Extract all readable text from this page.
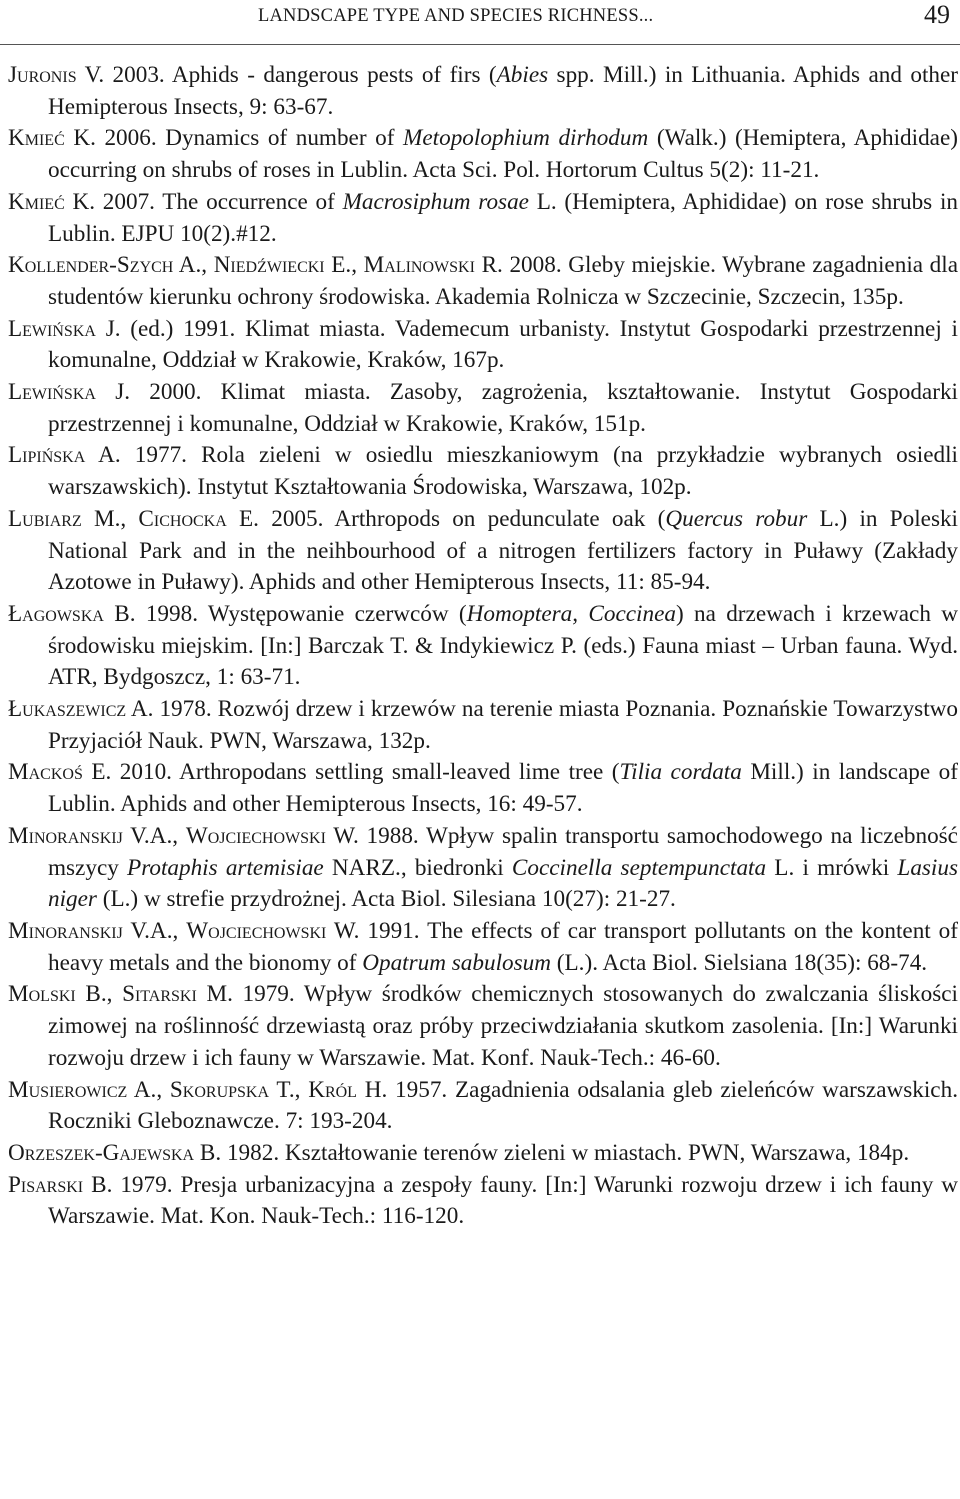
LANDSCAPE TYPE AND SPECIES RICHNESS...	49
Juronis V. 2003. Aphids - dangerous pests of firs (Abies spp. Mill.) in Lithuania. Aphids and other Hemipterous Insects, 9: 63-67.
Kmieć K. 2006. Dynamics of number of Metopolophium dirhodum (Walk.) (Hemiptera, Aphididae) occurring on shrubs of roses in Lublin. Acta Sci. Pol. Hortorum Cultus 5(2): 11-21.
Kmieć K. 2007. The occurrence of Macrosiphum rosae L. (Hemiptera, Aphididae) on rose shrubs in Lublin. EJPU 10(2).#12.
Kollender-Szych A., Niedźwiecki E., Malinowski R. 2008. Gleby miejskie. Wybrane zagadnienia dla studentów kierunku ochrony środowiska. Akademia Rolnicza w Szczecinie, Szczecin, 135p.
Lewińska J. (ed.) 1991. Klimat miasta. Vademecum urbanisty. Instytut Gospodarki przestrzennej i komunalne, Oddział w Krakowie, Kraków, 167p.
Lewińska J. 2000. Klimat miasta. Zasoby, zagrożenia, kształtowanie. Instytut Gospodarki przestrzennej i komunalne, Oddział w Krakowie, Kraków, 151p.
Lipińska A. 1977. Rola zieleni w osiedlu mieszkaniowym (na przykładzie wybranych osiedli warszawskich). Instytut Kształtowania Środowiska, Warszawa, 102p.
Lubiarz M., Cichocka E. 2005. Arthropods on pedunculate oak (Quercus robur L.) in Poleski National Park and in the neihbourhood of a nitrogen fertilizers factory in Puławy (Zakłady Azotowe in Puławy). Aphids and other Hemipterous Insects, 11: 85-94.
Łagowska B. 1998. Występowanie czerwców (Homoptera, Coccinea) na drzewach i krzewach w środowisku miejskim. [In:] Barczak T. & Indykiewicz P. (eds.) Fauna miast – Urban fauna. Wyd. ATR, Bydgoszcz, 1: 63-71.
Łukaszewicz A. 1978. Rozwój drzew i krzewów na terenie miasta Poznania. Poznańskie Towarzystwo Przyjaciół Nauk. PWN, Warszawa, 132p.
Mackoś E. 2010. Arthropodans settling small-leaved lime tree (Tilia cordata Mill.) in landscape of Lublin. Aphids and other Hemipterous Insects, 16: 49-57.
Minoranskij V.A., Wojciechowski W. 1988. Wpływ spalin transportu samochodowego na liczebność mszycy Protaphis artemisiae NARZ., biedronki Coccinella septempunctata L. i mrówki Lasius niger (L.) w strefie przydrożnej. Acta Biol. Silesiana 10(27): 21-27.
Minoranskij V.A., Wojciechowski W. 1991. The effects of car transport pollutants on the kontent of heavy metals and the bionomy of Opatrum sabulosum (L.). Acta Biol. Sielsiana 18(35): 68-74.
Molski B., Sitarski M. 1979. Wpływ środków chemicznych stosowanych do zwalczania śliskości zimowej na roślinność drzewiastą oraz próby przeciwdziałania skutkom zasolenia. [In:] Warunki rozwoju drzew i ich fauny w Warszawie. Mat. Konf. Nauk-Tech.: 46-60.
Musierowicz A., Skorupska T., Król H. 1957. Zagadnienia odsalania gleb zieleńców warszawskich. Roczniki Gleboznawcze. 7: 193-204.
Orzeszek-Gajewska B. 1982. Kształtowanie terenów zieleni w miastach. PWN, Warszawa, 184p.
Pisarski B. 1979. Presja urbanizacyjna a zespoły fauny. [In:] Warunki rozwoju drzew i ich fauny w Warszawie. Mat. Kon. Nauk-Tech.: 116-120.
